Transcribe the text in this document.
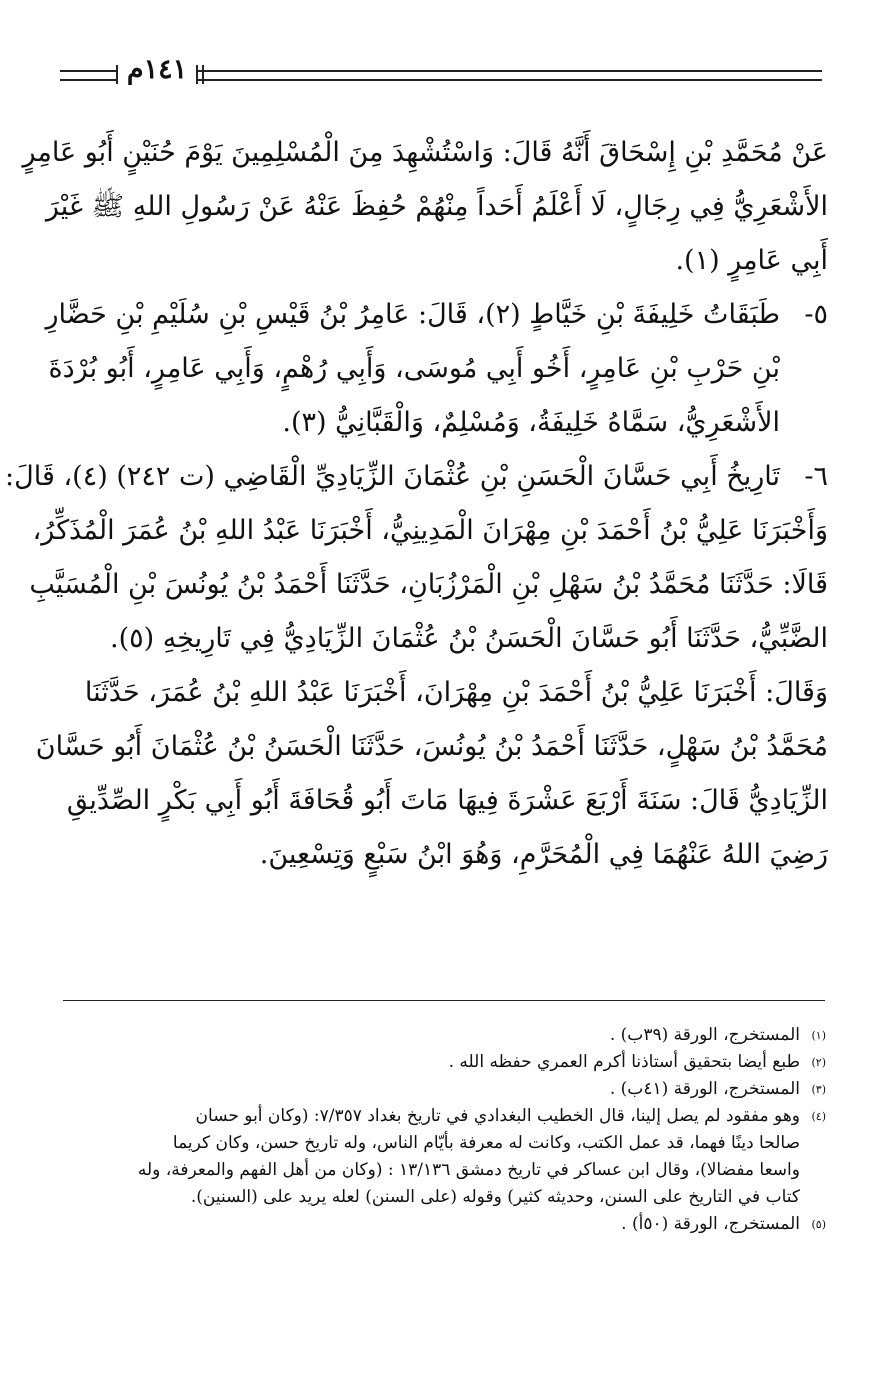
١٤١م
عَنْ مُحَمَّدِ بْنِ إِسْحَاقَ أَنَّهُ قَالَ: وَاسْتُشْهِدَ مِنَ الْمُسْلِمِينَ يَوْمَ حُنَيْنٍ أَبُو عَامِرٍ
الأَشْعَرِيُّ فِي رِجَالٍ، لَا أَعْلَمُ أَحَداً مِنْهُمْ حُفِظَ عَنْهُ عَنْ رَسُولِ اللهِ ﷺ غَيْرَ
أَبِي عَامِرٍ (١).
٥-طَبَقَاتُ خَلِيفَةَ بْنِ خَيَّاطٍ (٢)، قَالَ: عَامِرُ بْنُ قَيْسِ بْنِ سُلَيْمِ بْنِ حَضَّارِ
بْنِ حَرْبِ بْنِ عَامِرٍ، أَخُو أَبِي مُوسَى، وَأَبِي رُهْمٍ، وَأَبِي عَامِرٍ، أَبُو بُرْدَةَ
الأَشْعَرِيُّ، سَمَّاهُ خَلِيفَةُ، وَمُسْلِمٌ، وَالْقَبَّانِيُّ (٣).
٦-تَارِيخُ أَبِي حَسَّانَ الْحَسَنِ بْنِ عُثْمَانَ الزِّيَادِيِّ الْقَاضِي (ت ٢٤٢) (٤)، قَالَ:
وَأَخْبَرَنَا عَلِيُّ بْنُ أَحْمَدَ بْنِ مِهْرَانَ الْمَدِينِيُّ، أَخْبَرَنَا عَبْدُ اللهِ بْنُ عُمَرَ الْمُذَكِّرُ،
قَالَا: حَدَّثَنَا مُحَمَّدُ بْنُ سَهْلِ بْنِ الْمَرْزُبَانِ، حَدَّثَنَا أَحْمَدُ بْنُ يُونُسَ بْنِ الْمُسَيَّبِ
الضَّبِّيُّ، حَدَّثَنَا أَبُو حَسَّانَ الْحَسَنُ بْنُ عُثْمَانَ الزِّيَادِيُّ فِي تَارِيخِهِ (٥).
وَقَالَ: أَخْبَرَنَا عَلِيُّ بْنُ أَحْمَدَ بْنِ مِهْرَانَ، أَخْبَرَنَا عَبْدُ اللهِ بْنُ عُمَرَ، حَدَّثَنَا
مُحَمَّدُ بْنُ سَهْلٍ، حَدَّثَنَا أَحْمَدُ بْنُ يُونُسَ، حَدَّثَنَا الْحَسَنُ بْنُ عُثْمَانَ أَبُو حَسَّانَ
الزِّيَادِيُّ قَالَ: سَنَةَ أَرْبَعَ عَشْرَةَ فِيهَا مَاتَ أَبُو قُحَافَةَ أَبُو أَبِي بَكْرٍ الصِّدِّيقِ
رَضِيَ اللهُ عَنْهُمَا فِي الْمُحَرَّمِ، وَهُوَ ابْنُ سَبْعٍ وَتِسْعِينَ.
(١)المستخرج، الورقة (٣٩ب) .
(٢)طبع أيضا بتحقيق أستاذنا أكرم العمري حفظه الله .
(٣)المستخرج، الورقة (٤١ب) .
(٤)وهو مفقود لم يصل إلينا، قال الخطيب البغدادي في تاريخ بغداد ٧/٣٥٧: (وكان أبو حسان
صالحا دينًا فهما، قد عمل الكتب، وكانت له معرفة بأيّام الناس، وله تاريخ حسن، وكان كريما
واسعا مفضالا)، وقال ابن عساكر في تاريخ دمشق ١٣/١٣٦ : (وكان من أهل الفهم والمعرفة، وله
كتاب في التاريخ على السنن، وحديثه كثير) وقوله (على السنن) لعله يريد على (السنين).
(٥)المستخرج، الورقة (٥٠أ) .
